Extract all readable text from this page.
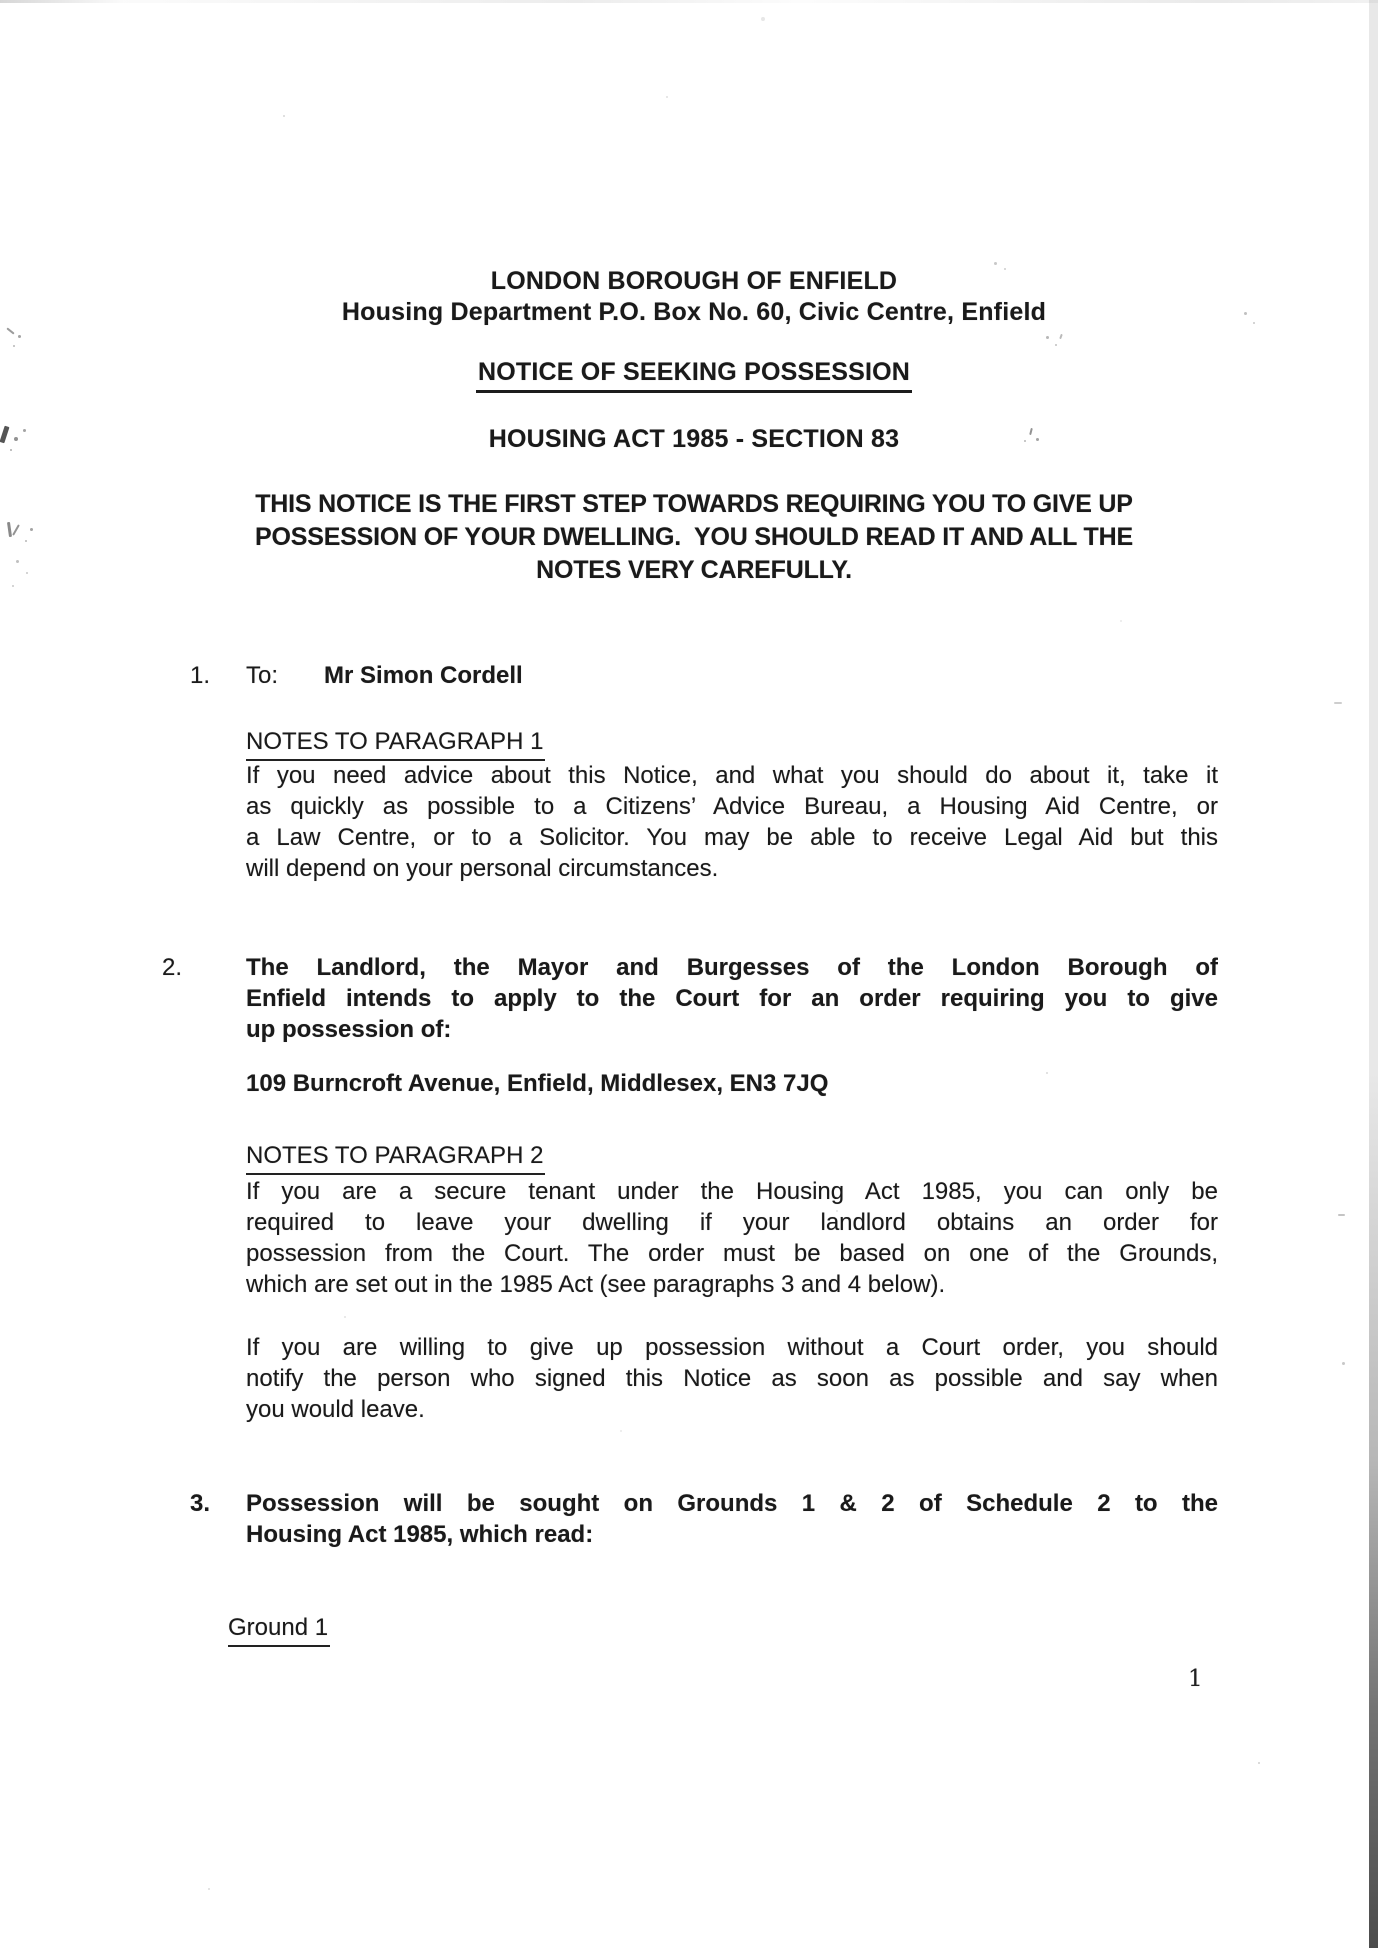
LONDON BOROUGH OF ENFIELD
Housing Department P.O. Box No. 60, Civic Centre, Enfield
NOTICE OF SEEKING POSSESSION
HOUSING ACT 1985 - SECTION 83
THIS NOTICE IS THE FIRST STEP TOWARDS REQUIRING YOU TO GIVE UP
POSSESSION OF YOUR DWELLING.  YOU SHOULD READ IT AND ALL THE
NOTES VERY CAREFULLY.
1. To: Mr Simon Cordell
NOTES TO PARAGRAPH 1
If you need advice about this Notice, and what you should do about it, take it
as quickly as possible to a Citizens’ Advice Bureau, a Housing Aid Centre, or
a Law Centre, or to a Solicitor. You may be able to receive Legal Aid but this
will depend on your personal circumstances.
2.	The Landlord, the Mayor and Burgesses of the London Borough of
Enfield intends to apply to the Court for an order requiring you to give
up possession of:
109 Burncroft Avenue, Enfield, Middlesex, EN3 7JQ
NOTES TO PARAGRAPH 2
If you are a secure tenant under the Housing Act 1985, you can only be
required to leave your dwelling if your landlord obtains an order for
possession from the Court. The order must be based on one of the Grounds,
which are set out in the 1985 Act (see paragraphs 3 and 4 below).
If you are willing to give up possession without a Court order, you should
notify the person who signed this Notice as soon as possible and say when
you would leave.
3. Possession will be sought on Grounds 1 & 2 of Schedule 2 to the
Housing Act 1985, which read:
Ground 1
1
